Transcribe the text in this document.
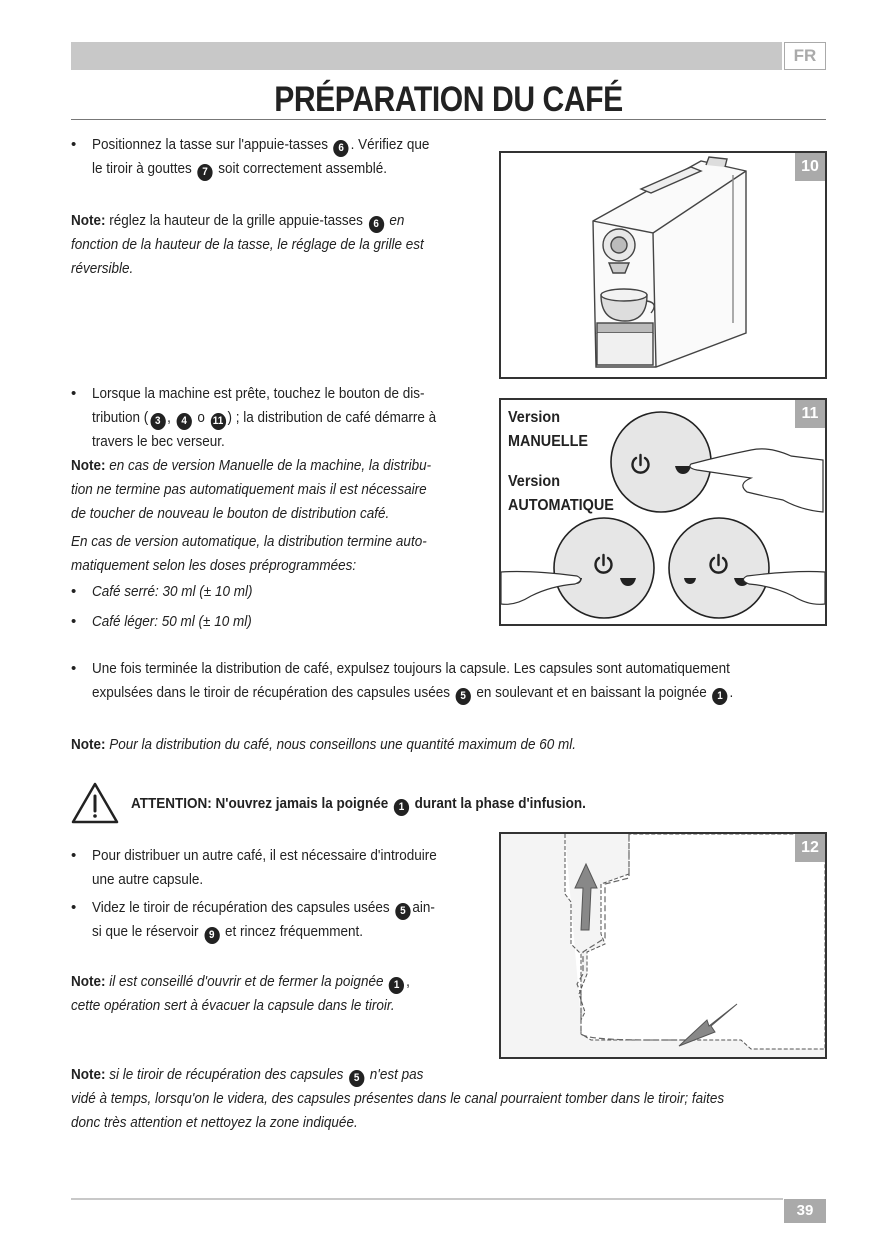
FR
PRÉPARATION DU CAFÉ
• Positionnez la tasse sur l'appuie-tasses 6 . Vérifiez que
le tiroir à gouttes 7 soit correctement assemblé.
Note: réglez la hauteur de la grille appuie-tasses 6 en
fonction de la hauteur de la tasse, le réglage de la grille est
réversible.
10
• Lorsque la machine est prête, touchez le bouton de dis-
tribution ( 3 , 4 o 11 ) ; la distribution de café démarre à
travers le bec verseur.
Note: en cas de version Manuelle de la machine, la distribu-
tion ne termine pas automatiquement mais il est nécessaire
de toucher de nouveau le bouton de distribution café.
En cas de version automatique, la distribution termine auto-
matiquement selon les doses préprogrammées:
• Café serré: 30 ml (± 10 ml)
• Café léger: 50 ml (± 10 ml)
11
Version
MANUELLE
Version
AUTOMATIQUE
• Une fois terminée la distribution de café, expulsez toujours la capsule. Les capsules sont automatiquement
expulsées dans le tiroir de récupération des capsules usées 5 en soulevant et en baissant la poignée 1 .
Note: Pour la distribution du café, nous conseillons une quantité maximum de 60 ml.
ATTENTION: N'ouvrez jamais la poignée 1 durant la phase d'infusion.
• Pour distribuer un autre café, il est nécessaire d'introduire
une autre capsule.
• Videz le tiroir de récupération des capsules usées 5 ain-
si que le réservoir 9 et rincez fréquemment.
Note: il est conseillé d'ouvrir et de fermer la poignée 1 ,
cette opération sert à évacuer la capsule dans le tiroir.
Note: si le tiroir de récupération des capsules 5 n'est pas
vidé à temps, lorsqu'on le videra, des capsules présentes dans le canal pourraient tomber dans le tiroir; faites
donc très attention et nettoyez la zone indiquée.
12
39
